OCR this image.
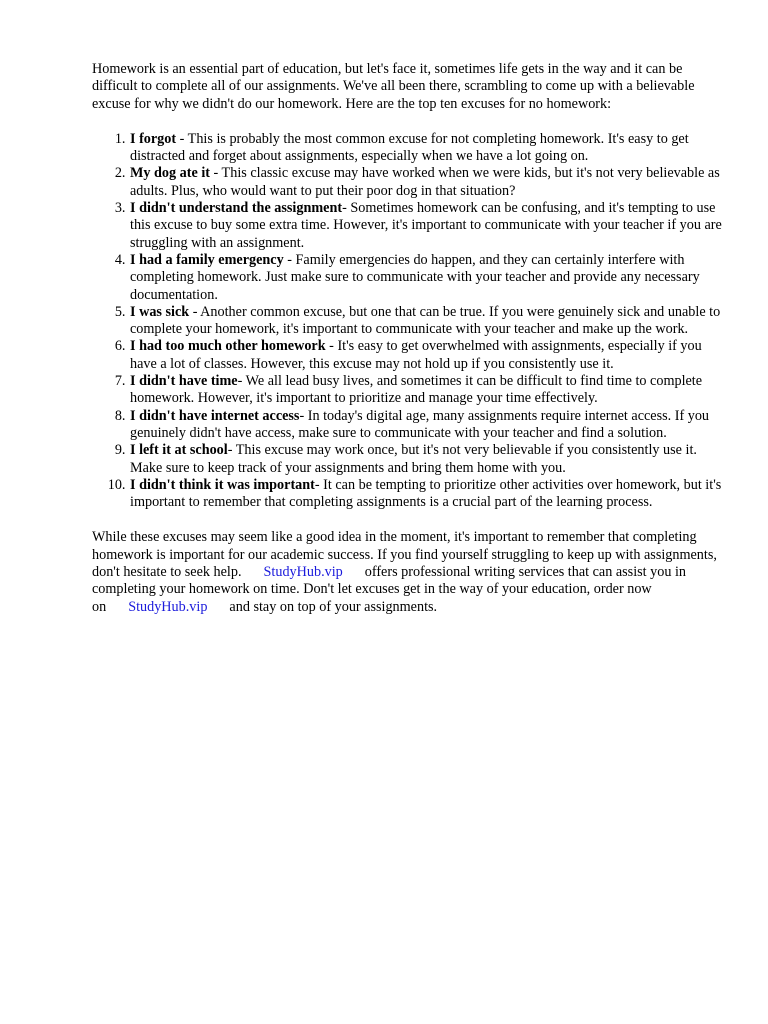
Homework is an essential part of education, but let's face it, sometimes life gets in the way and it can be difficult to complete all of our assignments. We've all been there, scrambling to come up with a believable excuse for why we didn't do our homework. Here are the top ten excuses for no homework:

1. I forgot - This is probably the most common excuse for not completing homework. It's easy to get distracted and forget about assignments, especially when we have a lot going on.
2. My dog ate it - This classic excuse may have worked when we were kids, but it's not very believable as adults. Plus, who would want to put their poor dog in that situation?
3. I didn't understand the assignment- Sometimes homework can be confusing, and it's tempting to use this excuse to buy some extra time. However, it's important to communicate with your teacher if you are struggling with an assignment.
4. I had a family emergency - Family emergencies do happen, and they can certainly interfere with completing homework. Just make sure to communicate with your teacher and provide any necessary documentation.
5. I was sick - Another common excuse, but one that can be true. If you were genuinely sick and unable to complete your homework, it's important to communicate with your teacher and make up the work.
6. I had too much other homework - It's easy to get overwhelmed with assignments, especially if you have a lot of classes. However, this excuse may not hold up if you consistently use it.
7. I didn't have time- We all lead busy lives, and sometimes it can be difficult to find time to complete homework. However, it's important to prioritize and manage your time effectively.
8. I didn't have internet access- In today's digital age, many assignments require internet access. If you genuinely didn't have access, make sure to communicate with your teacher and find a solution.
9. I left it at school- This excuse may work once, but it's not very believable if you consistently use it. Make sure to keep track of your assignments and bring them home with you.
10. I didn't think it was important- It can be tempting to prioritize other activities over homework, but it's important to remember that completing assignments is a crucial part of the learning process.

While these excuses may seem like a good idea in the moment, it's important to remember that completing homework is important for our academic success. If you find yourself struggling to keep up with assignments, don't hesitate to seek help. StudyHub.vip offers professional writing services that can assist you in completing your homework on time. Don't let excuses get in the way of your education, order now on StudyHub.vip and stay on top of your assignments.
